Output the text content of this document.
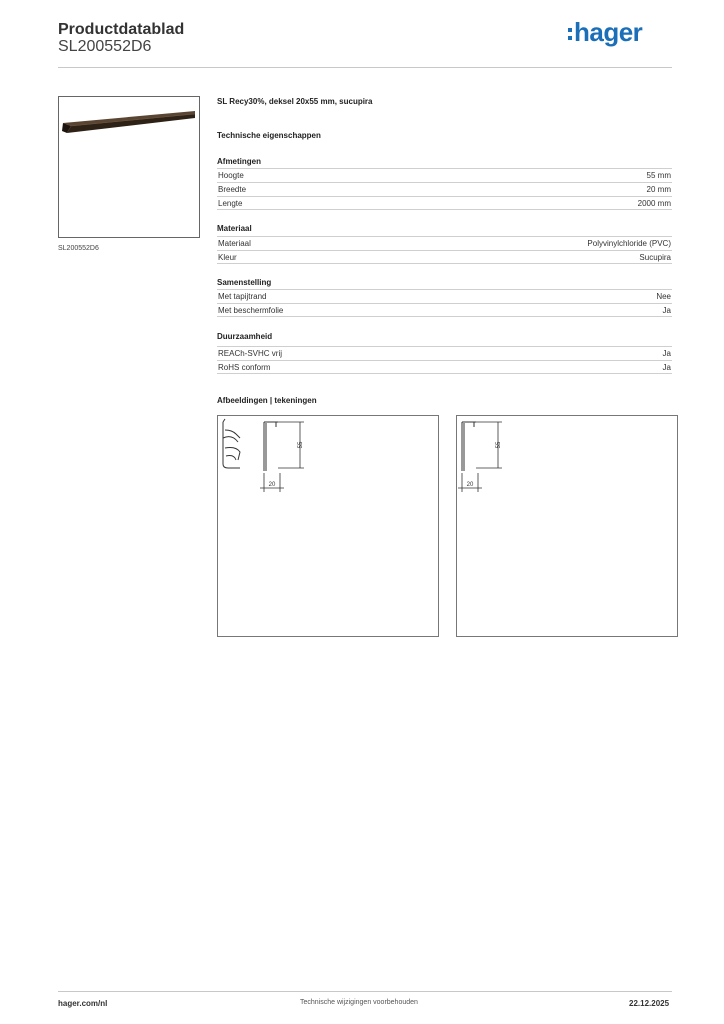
Productdatablad
SL200552D6	hager
SL200552D6
SL Recy30%, deksel 20x55 mm, sucupira
Technische eigenschappen
Afmetingen
Hoogte	55 mm
Breedte	20 mm
Lengte	2000 mm
Materiaal
Materiaal	Polyvinylchloride (PVC)
Kleur	Sucupira
Samenstelling
Met tapijtrand	Nee
Met beschermfolie	Ja
Duurzaamheid
REACh-SVHC vrij	Ja
RoHS conform	Ja
Afbeeldingen | tekeningen
55
20
55
20
hager.com/nl	Technische wijzigingen voorbehouden	22.12.2025
